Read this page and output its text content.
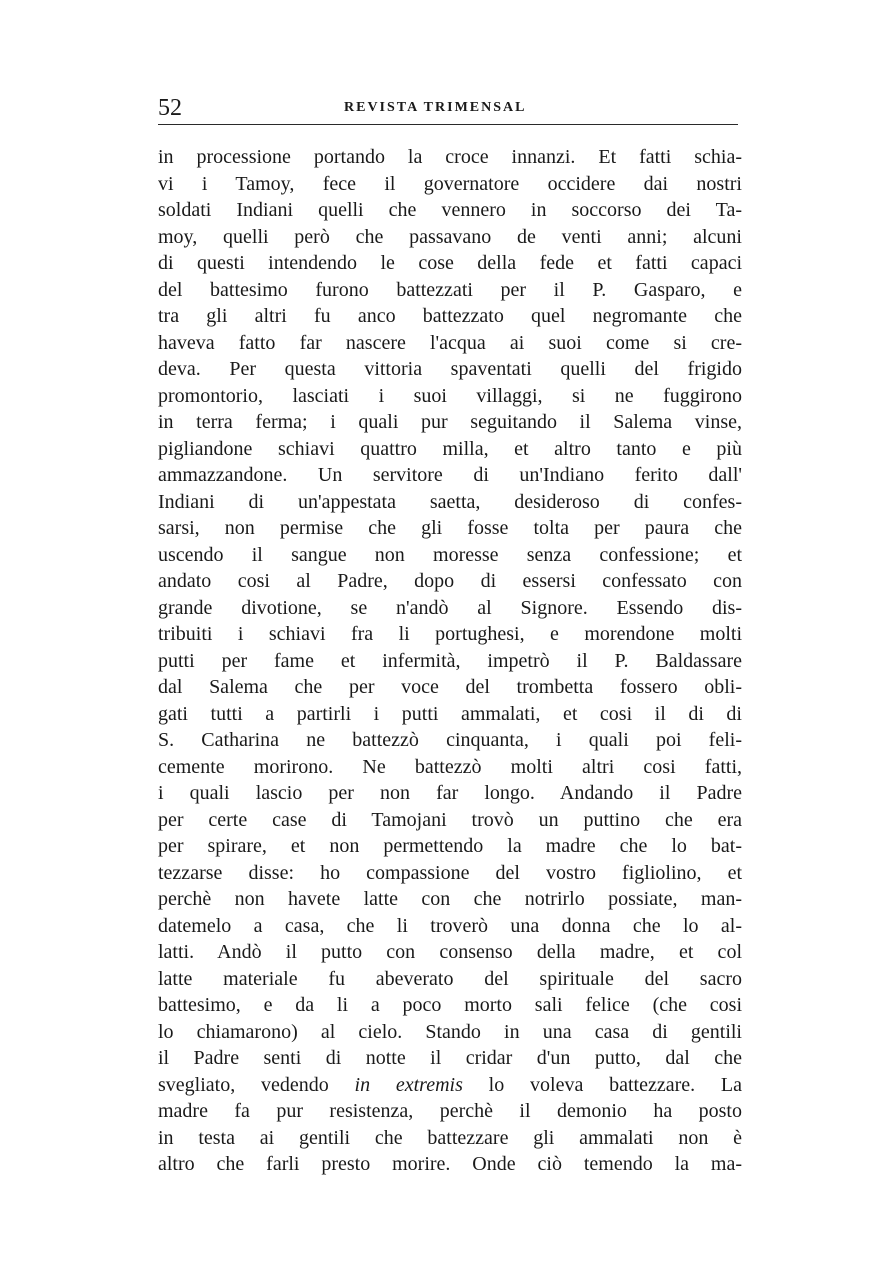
52	REVISTA TRIMENSAL
in processione portando la croce innanzi. Et fatti schia-
vi i Tamoy, fece il governatore occidere dai nostri
soldati Indiani quelli che vennero in soccorso dei Ta-
moy, quelli però che passavano de venti anni; alcuni
di questi intendendo le cose della fede et fatti capaci
del battesimo furono battezzati per il P. Gasparo, e
tra gli altri fu anco battezzato quel negromante che
haveva fatto far nascere l'acqua ai suoi come si cre-
deva. Per questa vittoria spaventati quelli del frigido
promontorio, lasciati i suoi villaggi, si ne fuggirono
in terra ferma; i quali pur seguitando il Salema vinse,
pigliandone schiavi quattro milla, et altro tanto e più
ammazzandone. Un servitore di un'Indiano ferito dall'
Indiani di un'appestata saetta, desideroso di confes-
sarsi, non permise che gli fosse tolta per paura che
uscendo il sangue non moresse senza confessione; et
andato cosi al Padre, dopo di essersi confessato con
grande divotione, se n'andò al Signore. Essendo dis-
tribuiti i schiavi fra li portughesi, e morendone molti
putti per fame et infermità, impetrò il P. Baldassare
dal Salema che per voce del trombetta fossero obli-
gati tutti a partirli i putti ammalati, et cosi il di di
S. Catharina ne battezzò cinquanta, i quali poi feli-
cemente morirono. Ne battezzò molti altri cosi fatti,
i quali lascio per non far longo. Andando il Padre
per certe case di Tamojani trovò un puttino che era
per spirare, et non permettendo la madre che lo bat-
tezzarse disse: ho compassione del vostro figliolino, et
perchè non havete latte con che notrirlo possiate, man-
datemelo a casa, che li troverò una donna che lo al-
latti. Andò il putto con consenso della madre, et col
latte materiale fu abeverato del spirituale del sacro
battesimo, e da li a poco morto sali felice (che cosi
lo chiamarono) al cielo. Stando in una casa di gentili
il Padre senti di notte il cridar d'un putto, dal che
svegliato, vedendo in extremis lo voleva battezzare. La
madre fa pur resistenza, perchè il demonio ha posto
in testa ai gentili che battezzare gli ammalati non è
altro che farli presto morire. Onde ciò temendo la ma-
